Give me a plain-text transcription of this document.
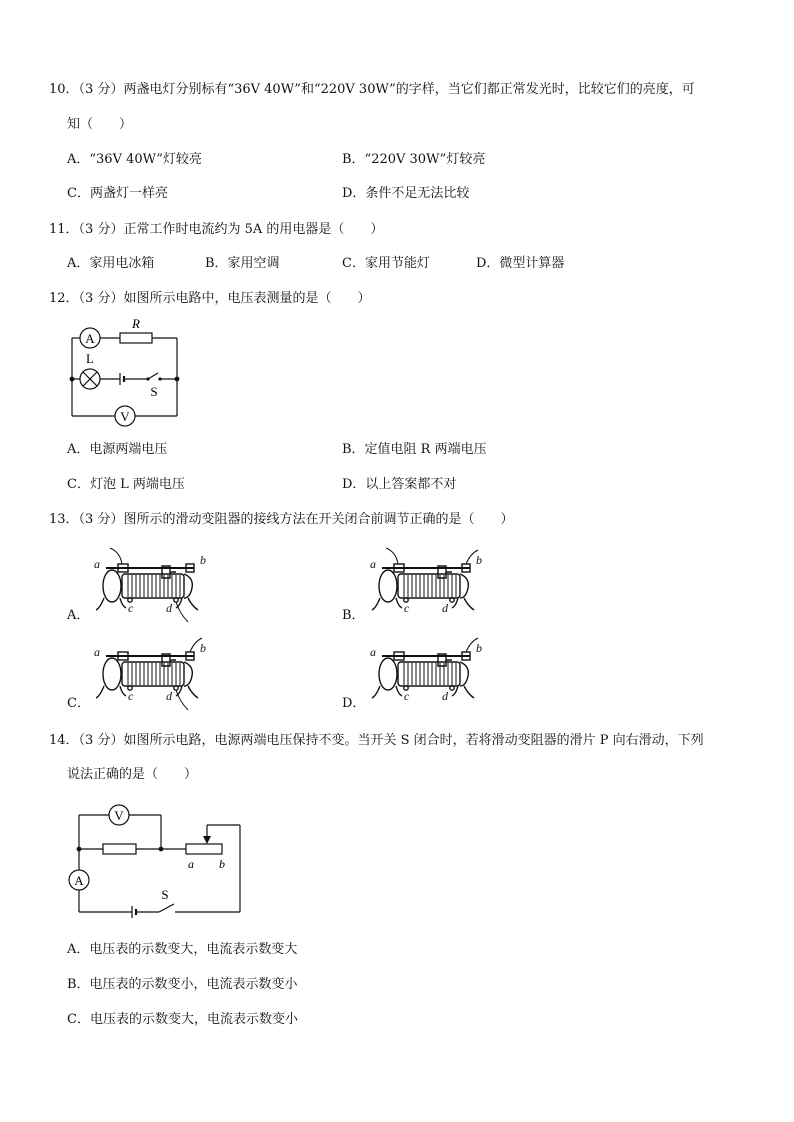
10．（3 分）两盏电灯分别标有“36V 40W”和“220V 30W”的字样，当它们都正常发光时，比较它们的亮度，可
知（　　）
A．“36V 40W”灯较亮	B．“220V 30W”灯较亮
C．两盏灯一样亮	D．条件不足无法比较
11．（3 分）正常工作时电流约为 5A 的用电器是（　　）
A．家用电冰箱	B．家用空调	C．家用节能灯	D．微型计算器
12．（3 分）如图所示电路中，电压表测量的是（　　）
A
R
L
S
V
A．电源两端电压	B．定值电阻 R 两端电压
C．灯泡 L 两端电压	D．以上答案都不对
13．（3 分）图所示的滑动变阻器的接线方法在开关闭合前调节正确的是（　　）
A．	B．
C．	D．
a	b
c	d
a	b
c	d
a	b
c	d
a	b
c	d
14．（3 分）如图所示电路，电源两端电压保持不变。当开关 S 闭合时，若将滑动变阻器的滑片 P 向右滑动，下列
说法正确的是（　　）
V
A
a b
S
A．电压表的示数变大，电流表示数变大
B．电压表的示数变小，电流表示数变小
C．电压表的示数变大，电流表示数变小
